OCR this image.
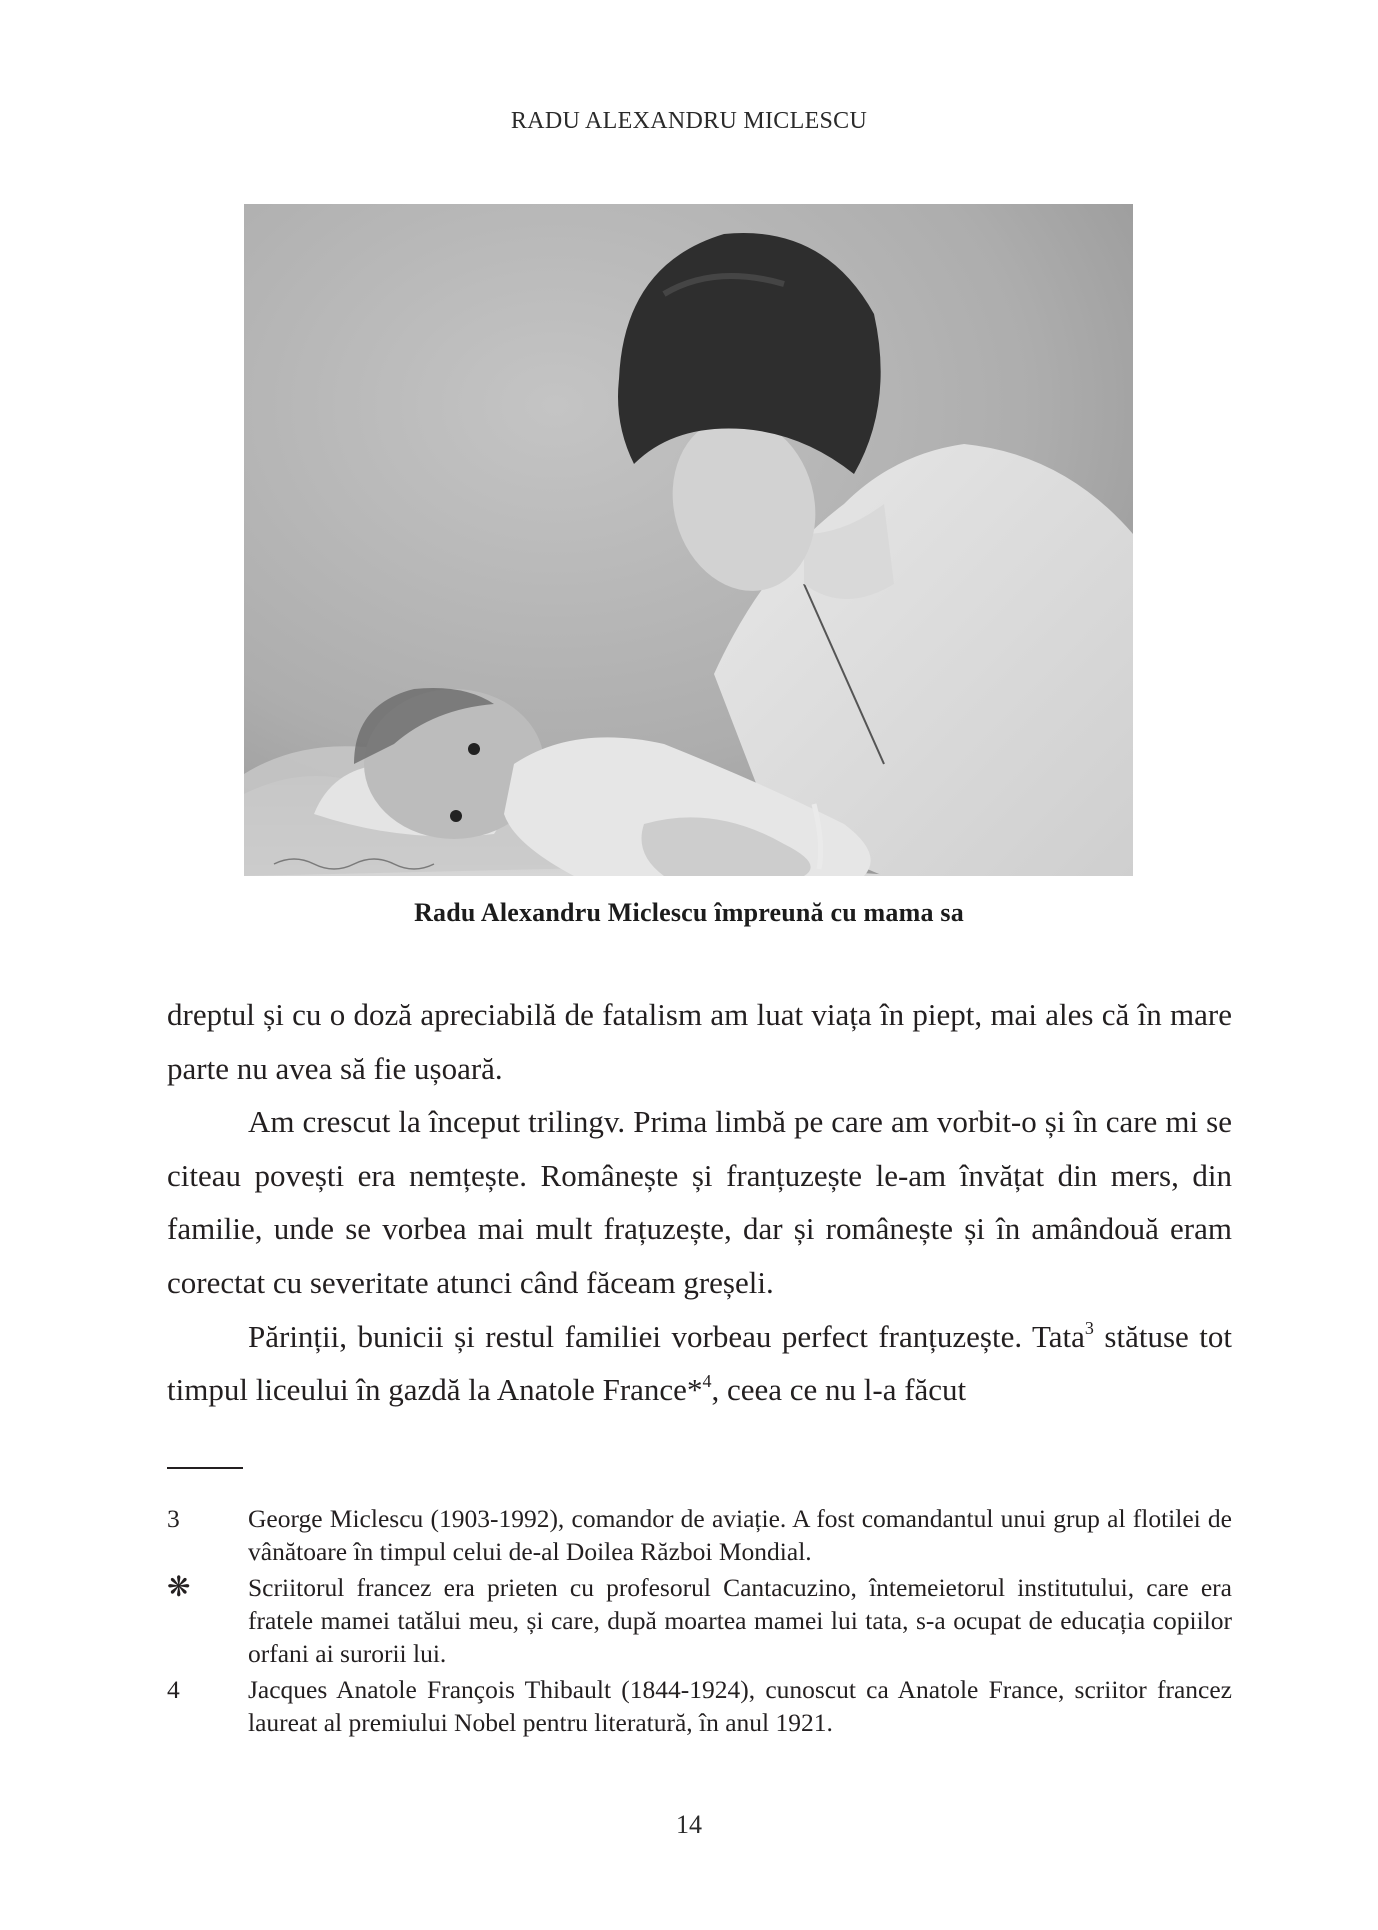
RADU ALEXANDRU MICLESCU
Radu Alexandru Miclescu împreună cu mama sa

dreptul și cu o doză apreciabilă de fatalism am luat viața în piept, mai ales că în mare parte nu avea să fie ușoară.

Am crescut la început trilingv. Prima limbă pe care am vorbit-o și în care mi se citeau povești era nemțește. Românește și franțuzește le-am învățat din mers, din familie, unde se vorbea mai mult frațuzește, dar și românește și în amândouă eram corectat cu severitate atunci când făceam greșeli.

Părinții, bunicii și restul familiei vorbeau perfect franțuzește. Tata$^3$ stătuse tot timpul liceului în gazdă la Anatole France*$^4$, ceea ce nu l-a făcut

3	George Miclescu (1903-1992), comandor de aviație. A fost comandantul unui grup al flotilei de vânătoare în timpul celui de-al Doilea Război Mondial.
❋	Scriitorul francez era prieten cu profesorul Cantacuzino, întemeietorul institutului, care era fratele mamei tatălui meu, și care, după moartea mamei lui tata, s-a ocupat de educația copiilor orfani ai surorii lui.
4	Jacques Anatole François Thibault (1844-1924), cunoscut ca Anatole France, scriitor francez laureat al premiului Nobel pentru literatură, în anul 1921.
14
